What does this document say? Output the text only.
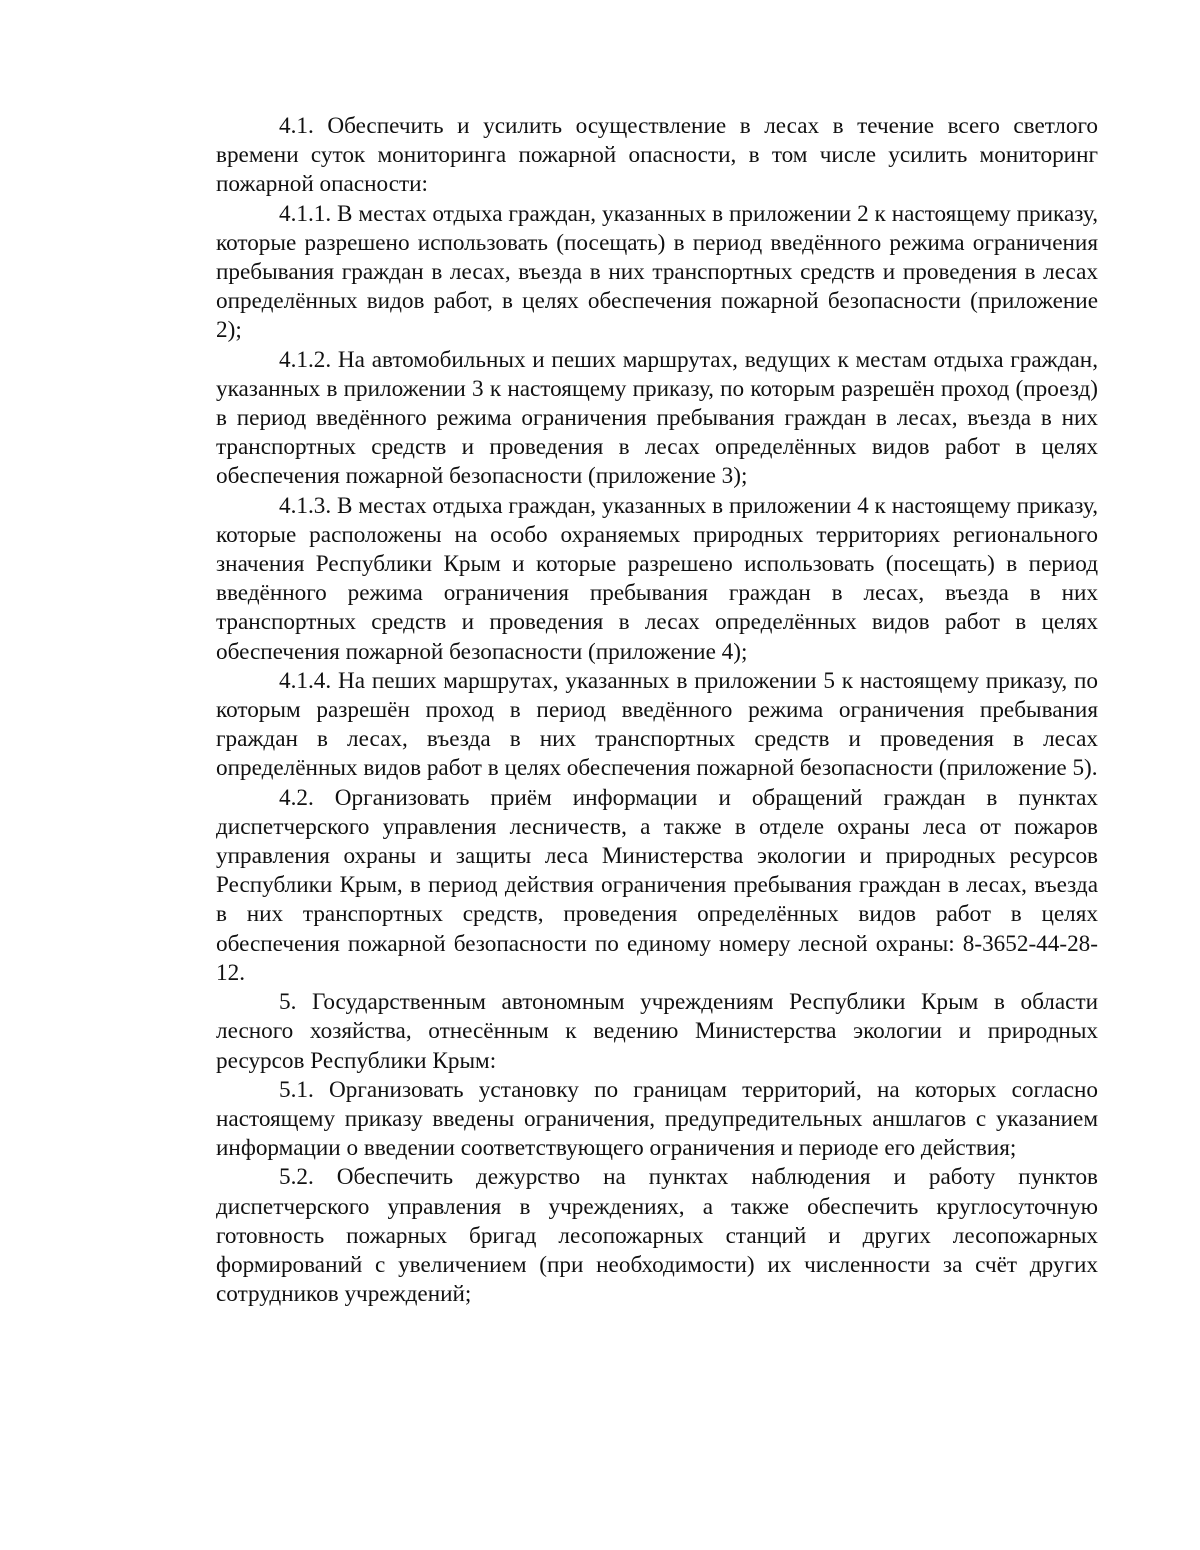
4.1. Обеспечить и усилить осуществление в лесах в течение всего светлого времени суток мониторинга пожарной опасности, в том числе усилить мониторинг пожарной опасности:

4.1.1. В местах отдыха граждан, указанных в приложении 2 к настоящему приказу, которые разрешено использовать (посещать) в период введённого режима ограничения пребывания граждан в лесах, въезда в них транспортных средств и проведения в лесах определённых видов работ, в целях обеспечения пожарной безопасности (приложение 2);

4.1.2. На автомобильных и пеших маршрутах, ведущих к местам отдыха граждан, указанных в приложении 3 к настоящему приказу, по которым разрешён проход (проезд) в период введённого режима ограничения пребывания граждан в лесах, въезда в них транспортных средств и проведения в лесах определённых видов работ в целях обеспечения пожарной безопасности (приложение 3);

4.1.3. В местах отдыха граждан, указанных в приложении 4 к настоящему приказу, которые расположены на особо охраняемых природных территориях регионального значения Республики Крым и которые разрешено использовать (посещать) в период введённого режима ограничения пребывания граждан в лесах, въезда в них транспортных средств и проведения в лесах определённых видов работ в целях обеспечения пожарной безопасности (приложение 4);

4.1.4. На пеших маршрутах, указанных в приложении 5 к настоящему приказу, по которым разрешён проход в период введённого режима ограничения пребывания граждан в лесах, въезда в них транспортных средств и проведения в лесах определённых видов работ в целях обеспечения пожарной безопасности (приложение 5).

4.2. Организовать приём информации и обращений граждан в пунктах диспетчерского управления лесничеств, а также в отделе охраны леса от пожаров управления охраны и защиты леса Министерства экологии и природных ресурсов Республики Крым, в период действия ограничения пребывания граждан в лесах, въезда в них транспортных средств, проведения определённых видов работ в целях обеспечения пожарной безопасности по единому номеру лесной охраны: 8-3652-44-28-12.

5. Государственным автономным учреждениям Республики Крым в области лесного хозяйства, отнесённым к ведению Министерства экологии и природных ресурсов Республики Крым:

5.1. Организовать установку по границам территорий, на которых согласно настоящему приказу введены ограничения, предупредительных аншлагов с указанием информации о введении соответствующего ограничения и периоде его действия;

5.2. Обеспечить дежурство на пунктах наблюдения и работу пунктов диспетчерского управления в учреждениях, а также обеспечить круглосуточную готовность пожарных бригад лесопожарных станций и других лесопожарных формирований с увеличением (при необходимости) их численности за счёт других сотрудников учреждений;
